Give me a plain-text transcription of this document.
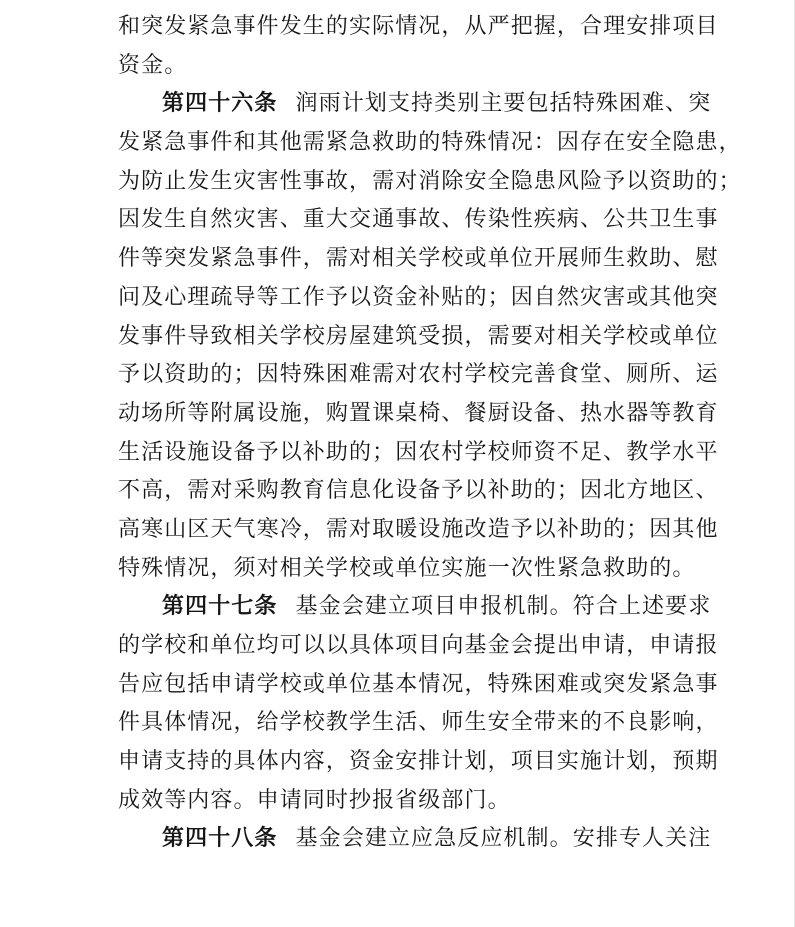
和突发紧急事件发生的实际情况，从严把握，合理安排项目
资金。
第四十六条 润雨计划支持类别主要包括特殊困难、突
发紧急事件和其他需紧急救助的特殊情况：因存在安全隐患，
为防止发生灾害性事故，需对消除安全隐患风险予以资助的；
因发生自然灾害、重大交通事故、传染性疾病、公共卫生事
件等突发紧急事件，需对相关学校或单位开展师生救助、慰
问及心理疏导等工作予以资金补贴的；因自然灾害或其他突
发事件导致相关学校房屋建筑受损，需要对相关学校或单位
予以资助的；因特殊困难需对农村学校完善食堂、厕所、运
动场所等附属设施，购置课桌椅、餐厨设备、热水器等教育
生活设施设备予以补助的；因农村学校师资不足、教学水平
不高，需对采购教育信息化设备予以补助的；因北方地区、
高寒山区天气寒冷，需对取暖设施改造予以补助的；因其他
特殊情况，须对相关学校或单位实施一次性紧急救助的。
第四十七条 基金会建立项目申报机制。符合上述要求
的学校和单位均可以以具体项目向基金会提出申请，申请报
告应包括申请学校或单位基本情况，特殊困难或突发紧急事
件具体情况，给学校教学生活、师生安全带来的不良影响，
申请支持的具体内容，资金安排计划，项目实施计划，预期
成效等内容。申请同时抄报省级部门。
第四十八条 基金会建立应急反应机制。安排专人关注
